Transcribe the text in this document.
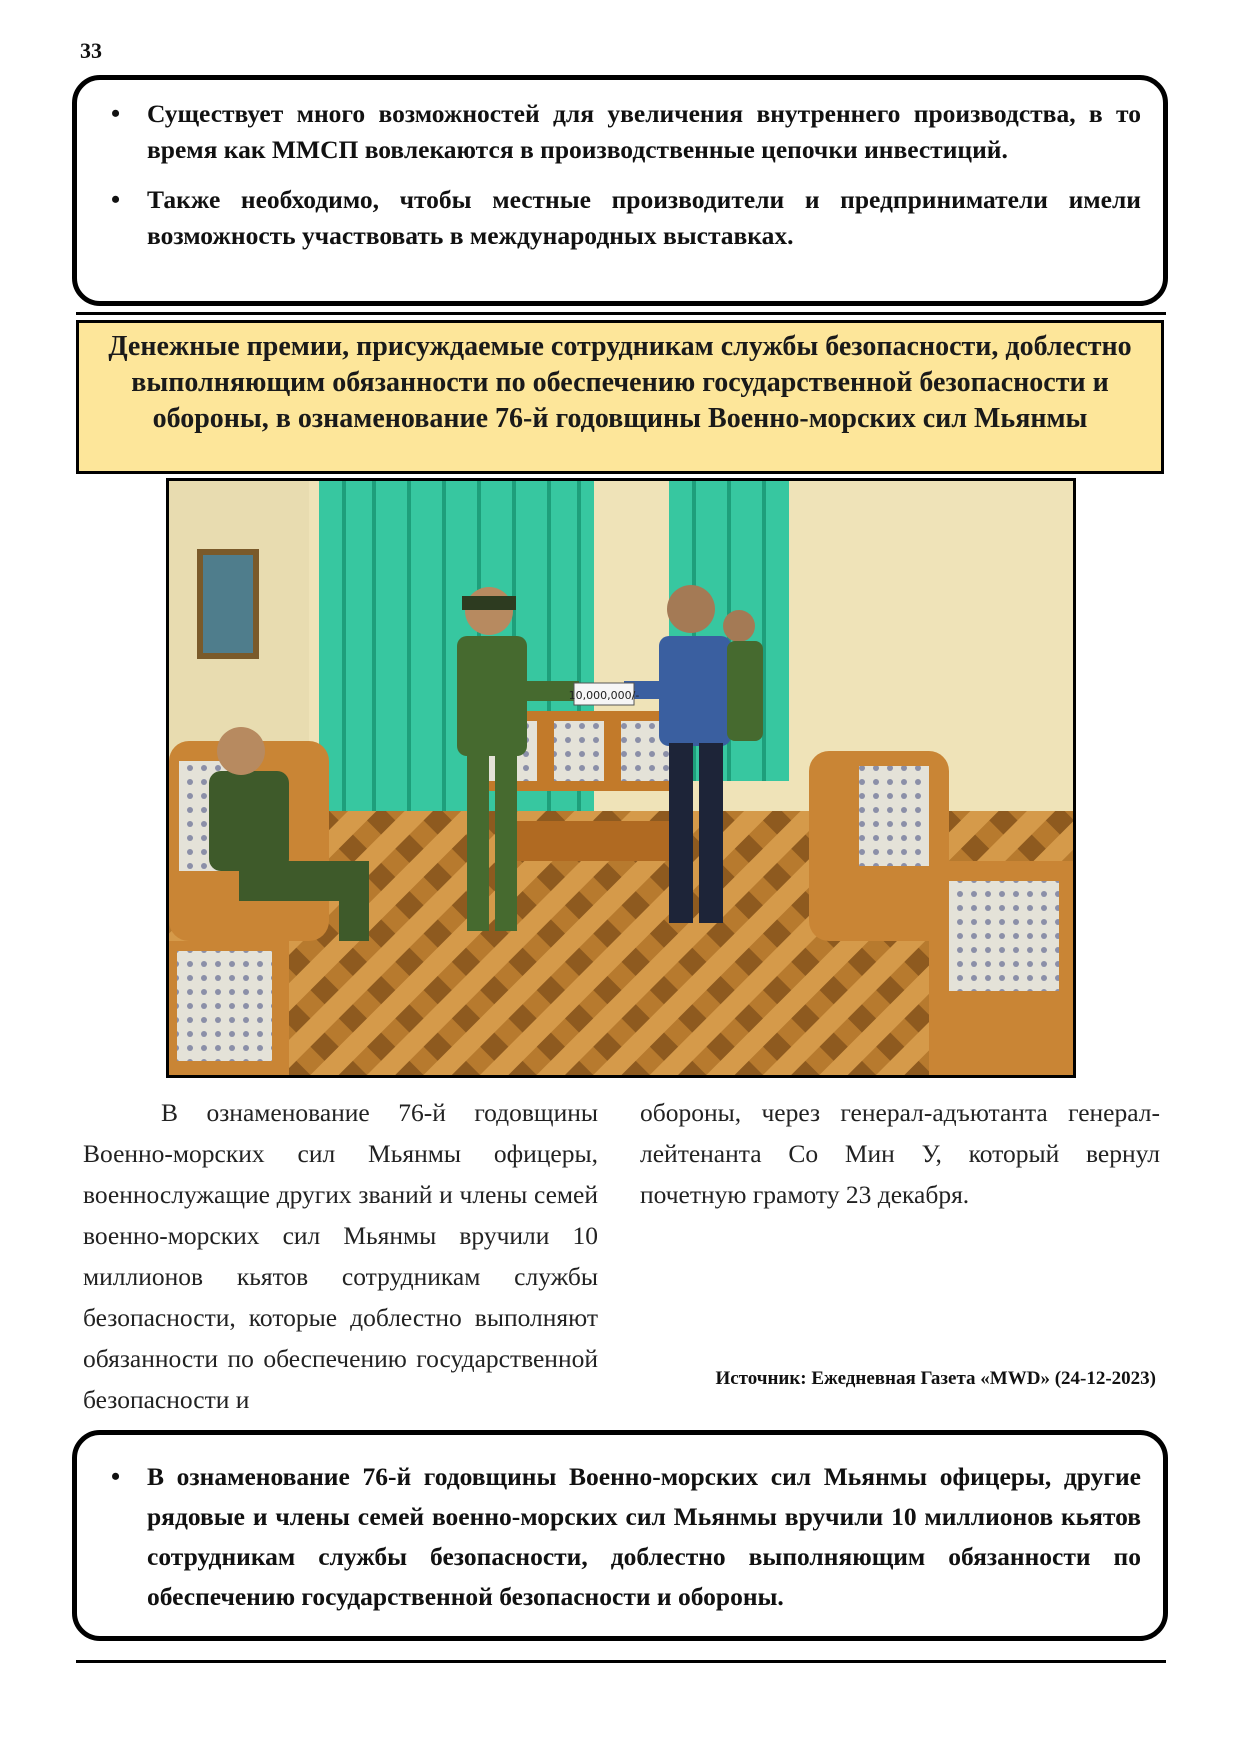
33
• Существует много возможностей для увеличения внутреннего производства, в то время как ММСП вовлекаются в производственные цепочки инвестиций.
• Также необходимо, чтобы местные производители и предприниматели имели возможность участвовать в международных выставках.
Денежные премии, присуждаемые сотрудникам службы безопасности, доблестно выполняющим обязанности по обеспечению государственной безопасности и обороны, в ознаменование 76-й годовщины Военно-морских сил Мьянмы
10,000,000/-
В ознаменование 76-й годовщины Военно-морских сил Мьянмы офицеры, военнослужащие других званий и члены семей военно-морских сил Мьянмы вручили 10 миллионов кьятов сотрудникам службы безопасности, которые доблестно выполняют обязанности по обеспечению государственной безопасности и
обороны, через генерал-адъютанта генерал-лейтенанта Со Мин У, который вернул почетную грамоту 23 декабря.
Источник: Ежедневная Газета «MWD» (24-12-2023)
• В ознаменование 76-й годовщины Военно-морских сил Мьянмы офицеры, другие рядовые и члены семей военно-морских сил Мьянмы вручили 10 миллионов кьятов сотрудникам службы безопасности, доблестно выполняющим обязанности по обеспечению государственной безопасности и обороны.
